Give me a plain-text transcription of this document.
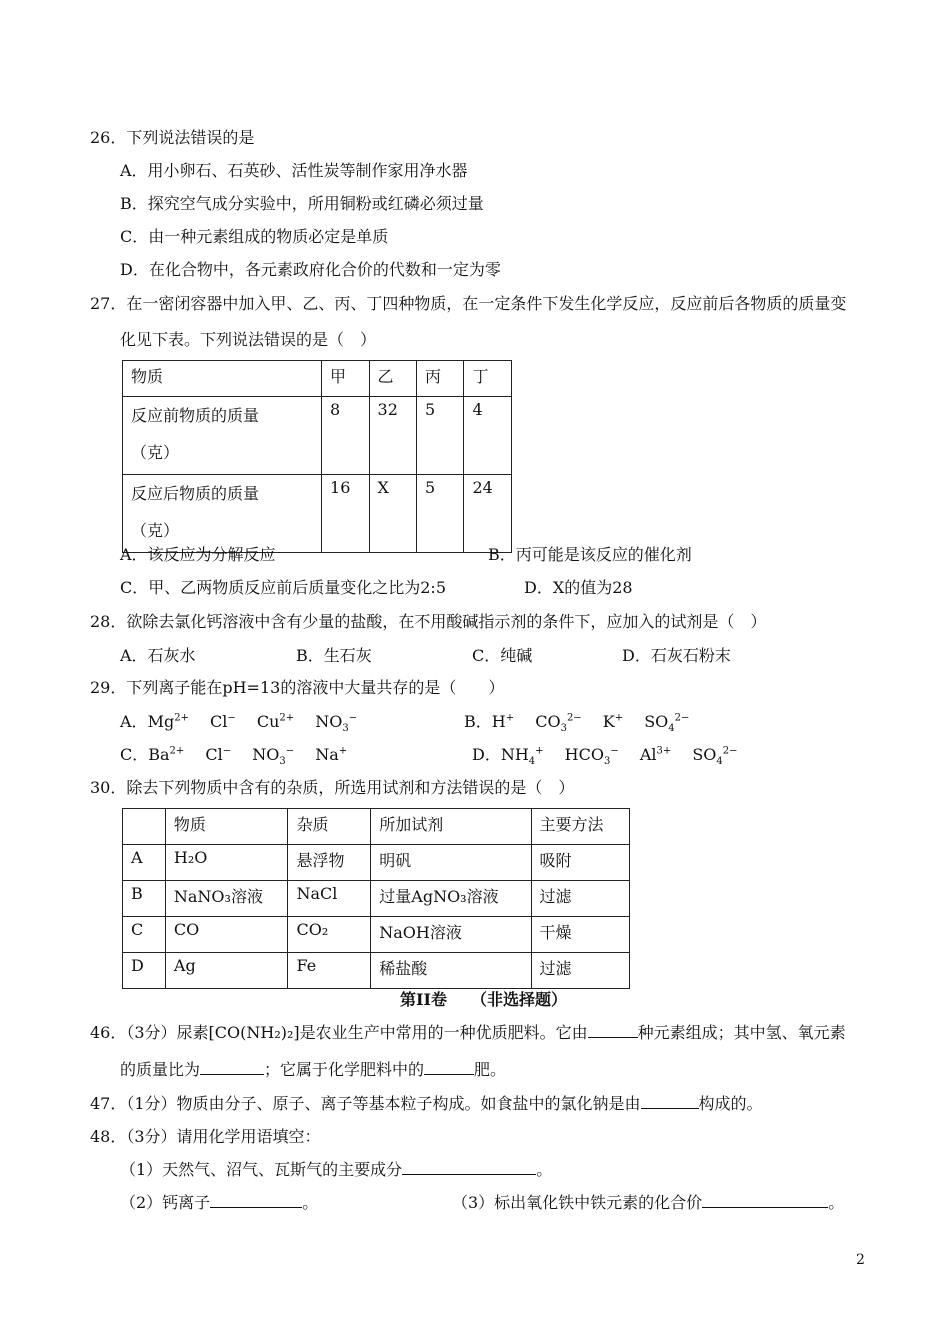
26．下列说法错误的是
A．用小卵石、石英砂、活性炭等制作家用净水器
B．探究空气成分实验中，所用铜粉或红磷必须过量
C．由一种元素组成的物质必定是单质
D．在化合物中，各元素政府化合价的代数和一定为零
27．在一密闭容器中加入甲、乙、丙、丁四种物质，在一定条件下发生化学反应，反应前后各物质的质量变
化见下表。下列说法错误的是（　）
物质	甲	乙	丙	丁

反应前物质的质量
（克）	8	32	5	4

反应后物质的质量
（克）	16	X	5	24
A．该反应为分解反应	B．丙可能是该反应的催化剂
C．甲、乙两物质反应前后质量变化之比为2:5	D．X的值为28
28．欲除去氯化钙溶液中含有少量的盐酸，在不用酸碱指示剂的条件下，应加入的试剂是（　）
A．石灰水	B．生石灰	C．纯碱	D．石灰石粉末
29．下列离子能在pH=13的溶液中大量共存的是（　　）
A．$Mg^{2+}$　 Cl−　 $Cu^{2+}$　 $NO_3^-$	B．H+　 $CO_3^{2-}$　 K+　 $SO_4^{2-}$
C．$Ba^{2+}$　 Cl−　 $NO_3^-$　 Na+	D．$NH_4^+$　 $HCO_3^-$　 $Al^{3+}$　 $SO_4^{2-}$
30．除去下列物质中含有的杂质，所选用试剂和方法错误的是（　）
	物质	杂质	所加试剂	主要方法
A	H₂O	悬浮物	明矾	吸附
B	NaNO₃溶液	NaCl	过量AgNO₃溶液	过滤
C	CO	CO₂	NaOH溶液	干燥
D	Ag	Fe	稀盐酸	过滤
第II卷　　（非选择题）
46．（3分）尿素[CO(NH₂)₂]是农业生产中常用的一种优质肥料。它由	种元素组成；其中氢、氧元素
的质量比为	；它属于化学肥料中的	肥。
47．（1分）物质由分子、原子、离子等基本粒子构成。如食盐中的氯化钠是由	构成的。
48．（3分）请用化学用语填空：
（1）天然气、沼气、瓦斯气的主要成分	。
（2）钙离子	。	（3）标出氧化铁中铁元素的化合价	。
2
